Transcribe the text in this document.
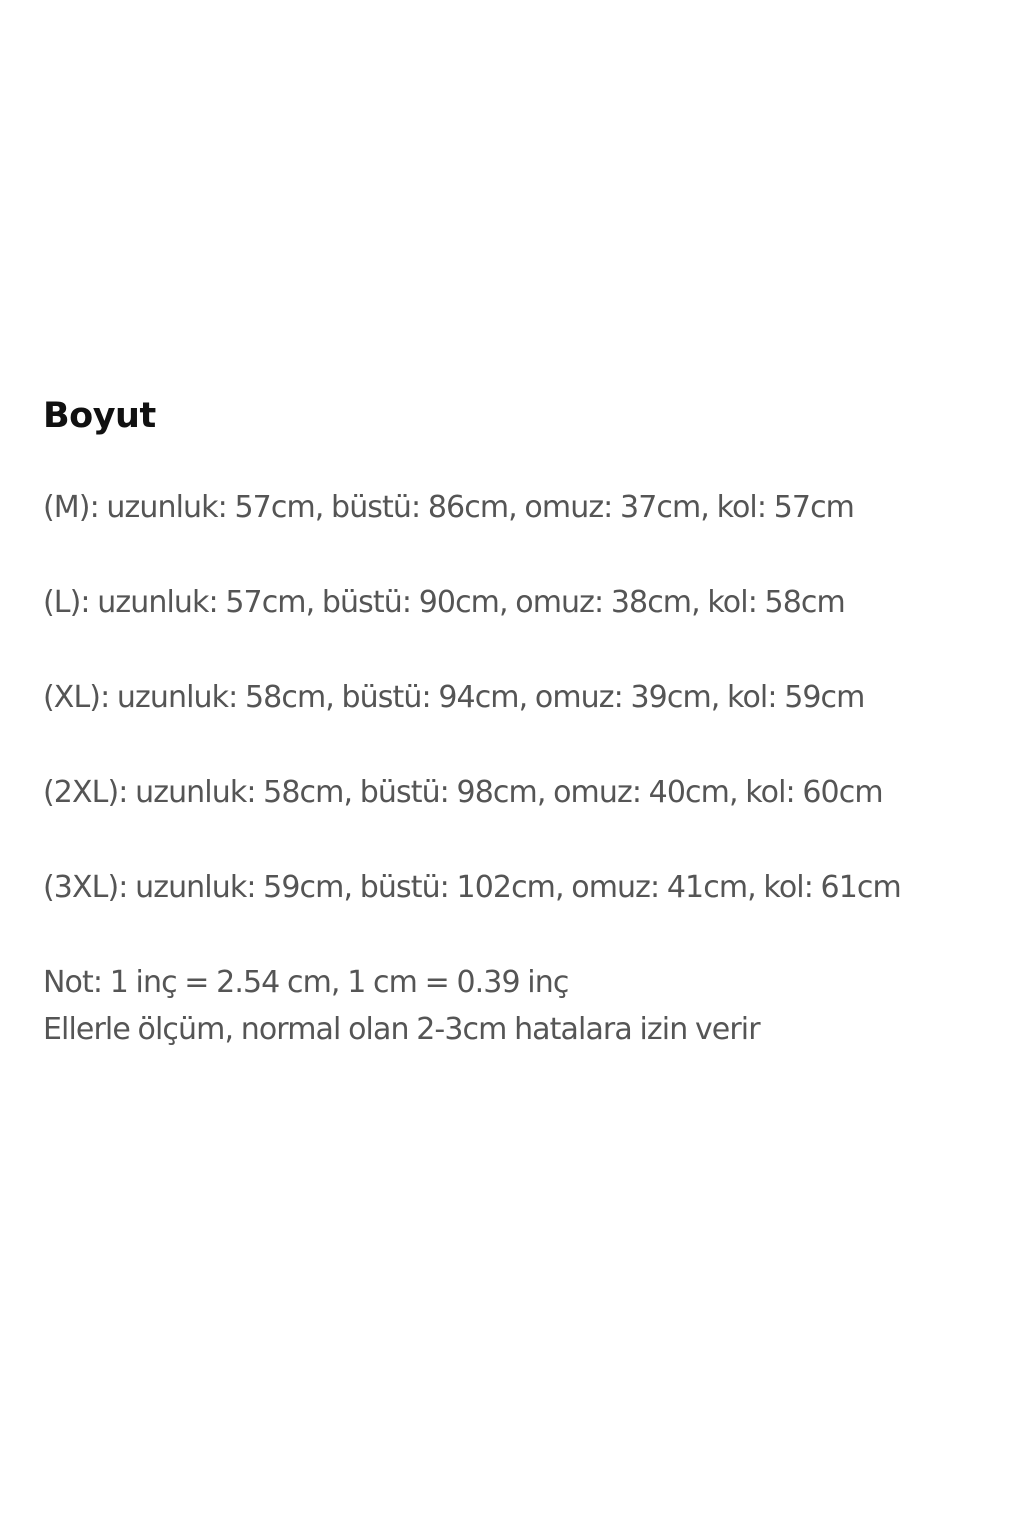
Boyut

(M): uzunluk: 57cm, büstü: 86cm, omuz: 37cm, kol: 57cm

(L): uzunluk: 57cm, büstü: 90cm, omuz: 38cm, kol: 58cm

(XL): uzunluk: 58cm, büstü: 94cm, omuz: 39cm, kol: 59cm

(2XL): uzunluk: 58cm, büstü: 98cm, omuz: 40cm, kol: 60cm

(3XL): uzunluk: 59cm, büstü: 102cm, omuz: 41cm, kol: 61cm

Not: 1 inç = 2.54 cm, 1 cm = 0.39 inç

Ellerle ölçüm, normal olan 2-3cm hatalara izin verir
